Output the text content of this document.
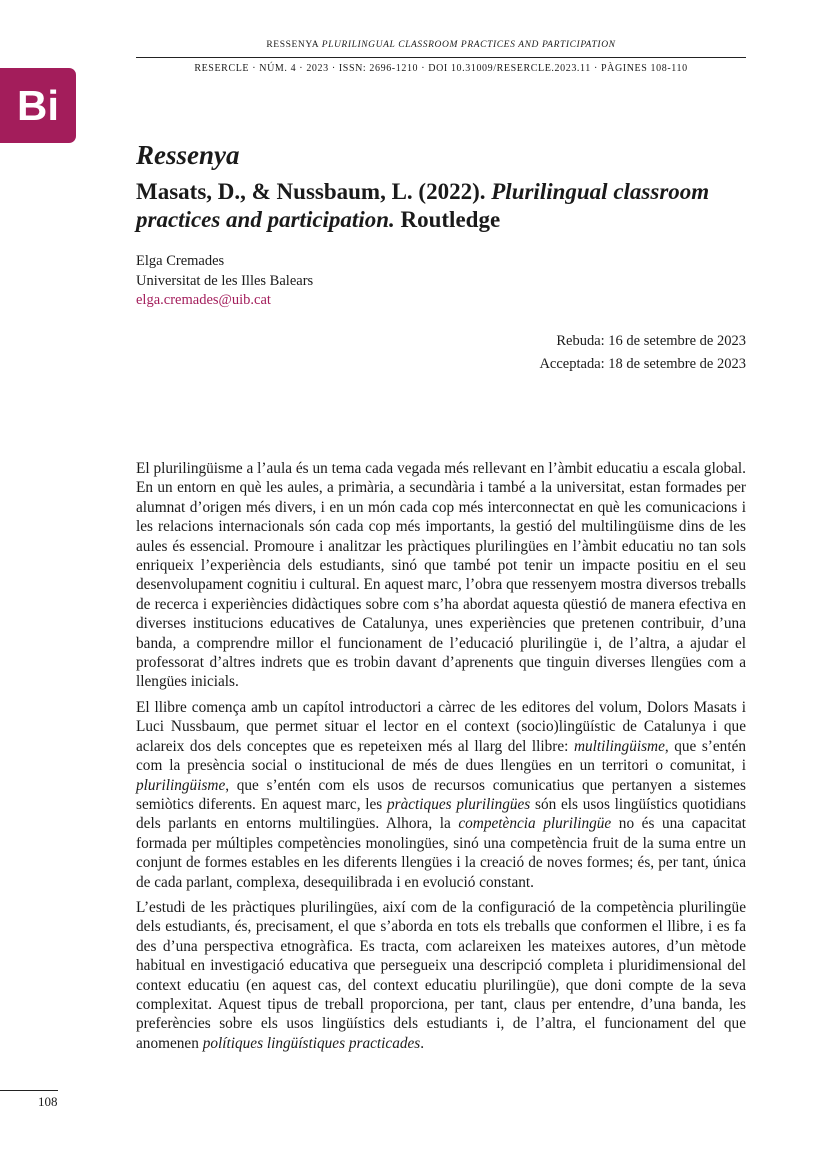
RESSENYA PLURILINGUAL CLASSROOM PRACTICES AND PARTICIPATION
RESERCLE · NÚM. 4 · 2023 · ISSN: 2696-1210 · DOI 10.31009/RESERCLE.2023.11 · PÀGINES 108-110
Bi
Ressenya
Masats, D., & Nussbaum, L. (2022). Plurilingual classroom practices and participation. Routledge
Elga Cremades
Universitat de les Illes Balears
elga.cremades@uib.cat
Rebuda: 16 de setembre de 2023
Acceptada: 18 de setembre de 2023

El plurilingüisme a l’aula és un tema cada vegada més rellevant en l’àmbit educatiu a escala global. En un entorn en què les aules, a primària, a secundària i també a la universitat, estan formades per alumnat d’origen més divers, i en un món cada cop més interconnectat en què les comunicacions i les relacions internacionals són cada cop més importants, la gestió del multilingüisme dins de les aules és essencial. Promoure i analitzar les pràctiques plurilingües en l’àmbit educatiu no tan sols enriqueix l’experiència dels estudiants, sinó que també pot tenir un impacte positiu en el seu desenvolupament cognitiu i cultural. En aquest marc, l’obra que ressenyem mostra diversos treballs de recerca i experiències didàctiques sobre com s’ha abordat aquesta qüestió de manera efectiva en diverses institucions educatives de Catalunya, unes experiències que pretenen contribuir, d’una banda, a comprendre millor el funcionament de l’educació plurilingüe i, de l’altra, a ajudar el professorat d’altres indrets que es trobin davant d’aprenents que tinguin diverses llengües com a llengües inicials.

El llibre comença amb un capítol introductori a càrrec de les editores del volum, Dolors Masats i Luci Nussbaum, que permet situar el lector en el context (socio)lingüístic de Catalunya i que aclareix dos dels conceptes que es repeteixen més al llarg del llibre: multilingüisme, que s’entén com la presència social o institucional de més de dues llengües en un territori o comunitat, i plurilingüisme, que s’entén com els usos de recursos comunicatius que pertanyen a sistemes semiòtics diferents. En aquest marc, les pràctiques plurilingües són els usos lingüístics quotidians dels parlants en entorns multilingües. Alhora, la competència plurilingüe no és una capacitat formada per múltiples competències monolingües, sinó una competència fruit de la suma entre un conjunt de formes estables en les diferents llengües i la creació de noves formes; és, per tant, única de cada parlant, complexa, desequilibrada i en evolució constant.

L’estudi de les pràctiques plurilingües, així com de la configuració de la competència plurilingüe dels estudiants, és, precisament, el que s’aborda en tots els treballs que conformen el llibre, i es fa des d’una perspectiva etnogràfica. Es tracta, com aclareixen les mateixes autores, d’un mètode habitual en investigació educativa que persegueix una descripció completa i pluridimensional del context educatiu (en aquest cas, del context educatiu plurilingüe), que doni compte de la seva complexitat. Aquest tipus de treball proporciona, per tant, claus per entendre, d’una banda, les preferències sobre els usos lingüístics dels estudiants i, de l’altra, el funcionament del que anomenen polítiques lingüístiques practicades.

108
